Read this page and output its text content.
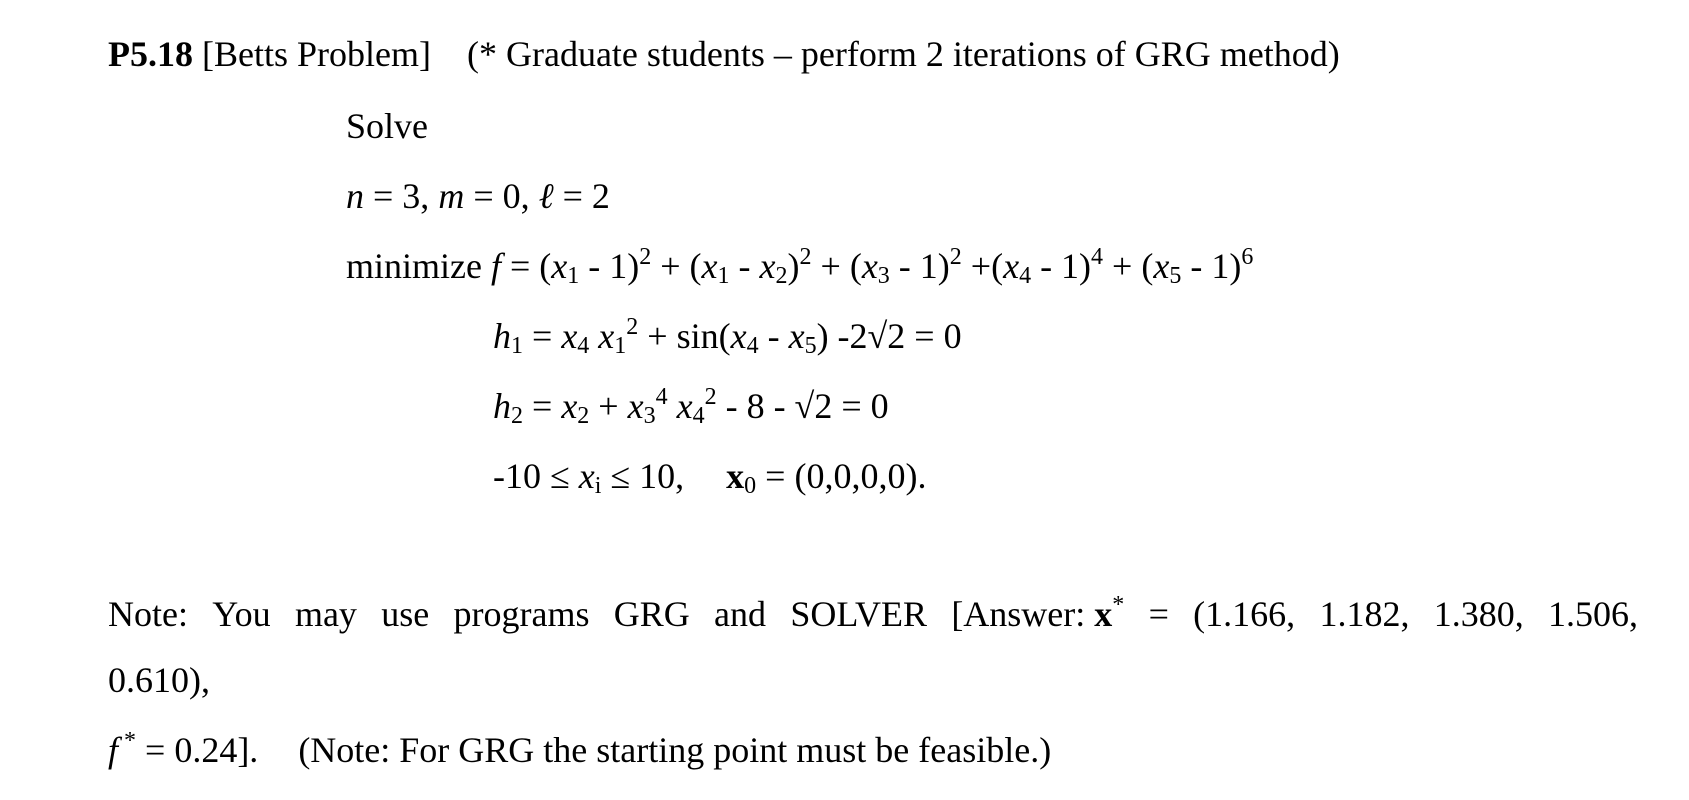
P5.18 [Betts Problem] (* Graduate students – perform 2 iterations of GRG method)
Solve
n = 3, m = 0, ℓ = 2
minimize $f = (x_1 - 1)^2 + (x_1 - x_2)^2 + (x_3 - 1)^2 +(x_4 - 1)^4 + (x_5 - 1)^6$
$h_1 = x_4$ $x_1^2 + \sin(x_4 - x_5) -2√2 = 0$
$h_2 = x_2 + x_3^4$ $x_4^2 - 8 - √2 = 0$
$-10 \le x_i \le 10$, $x_0 = (0,0,0,0)$.
Note: You may use programs GRG and SOLVER [Answer: x* = (1.166, 1.182, 1.380, 1.506,
0.610),
f * = 0.24]. (Note: For GRG the starting point must be feasible.)
